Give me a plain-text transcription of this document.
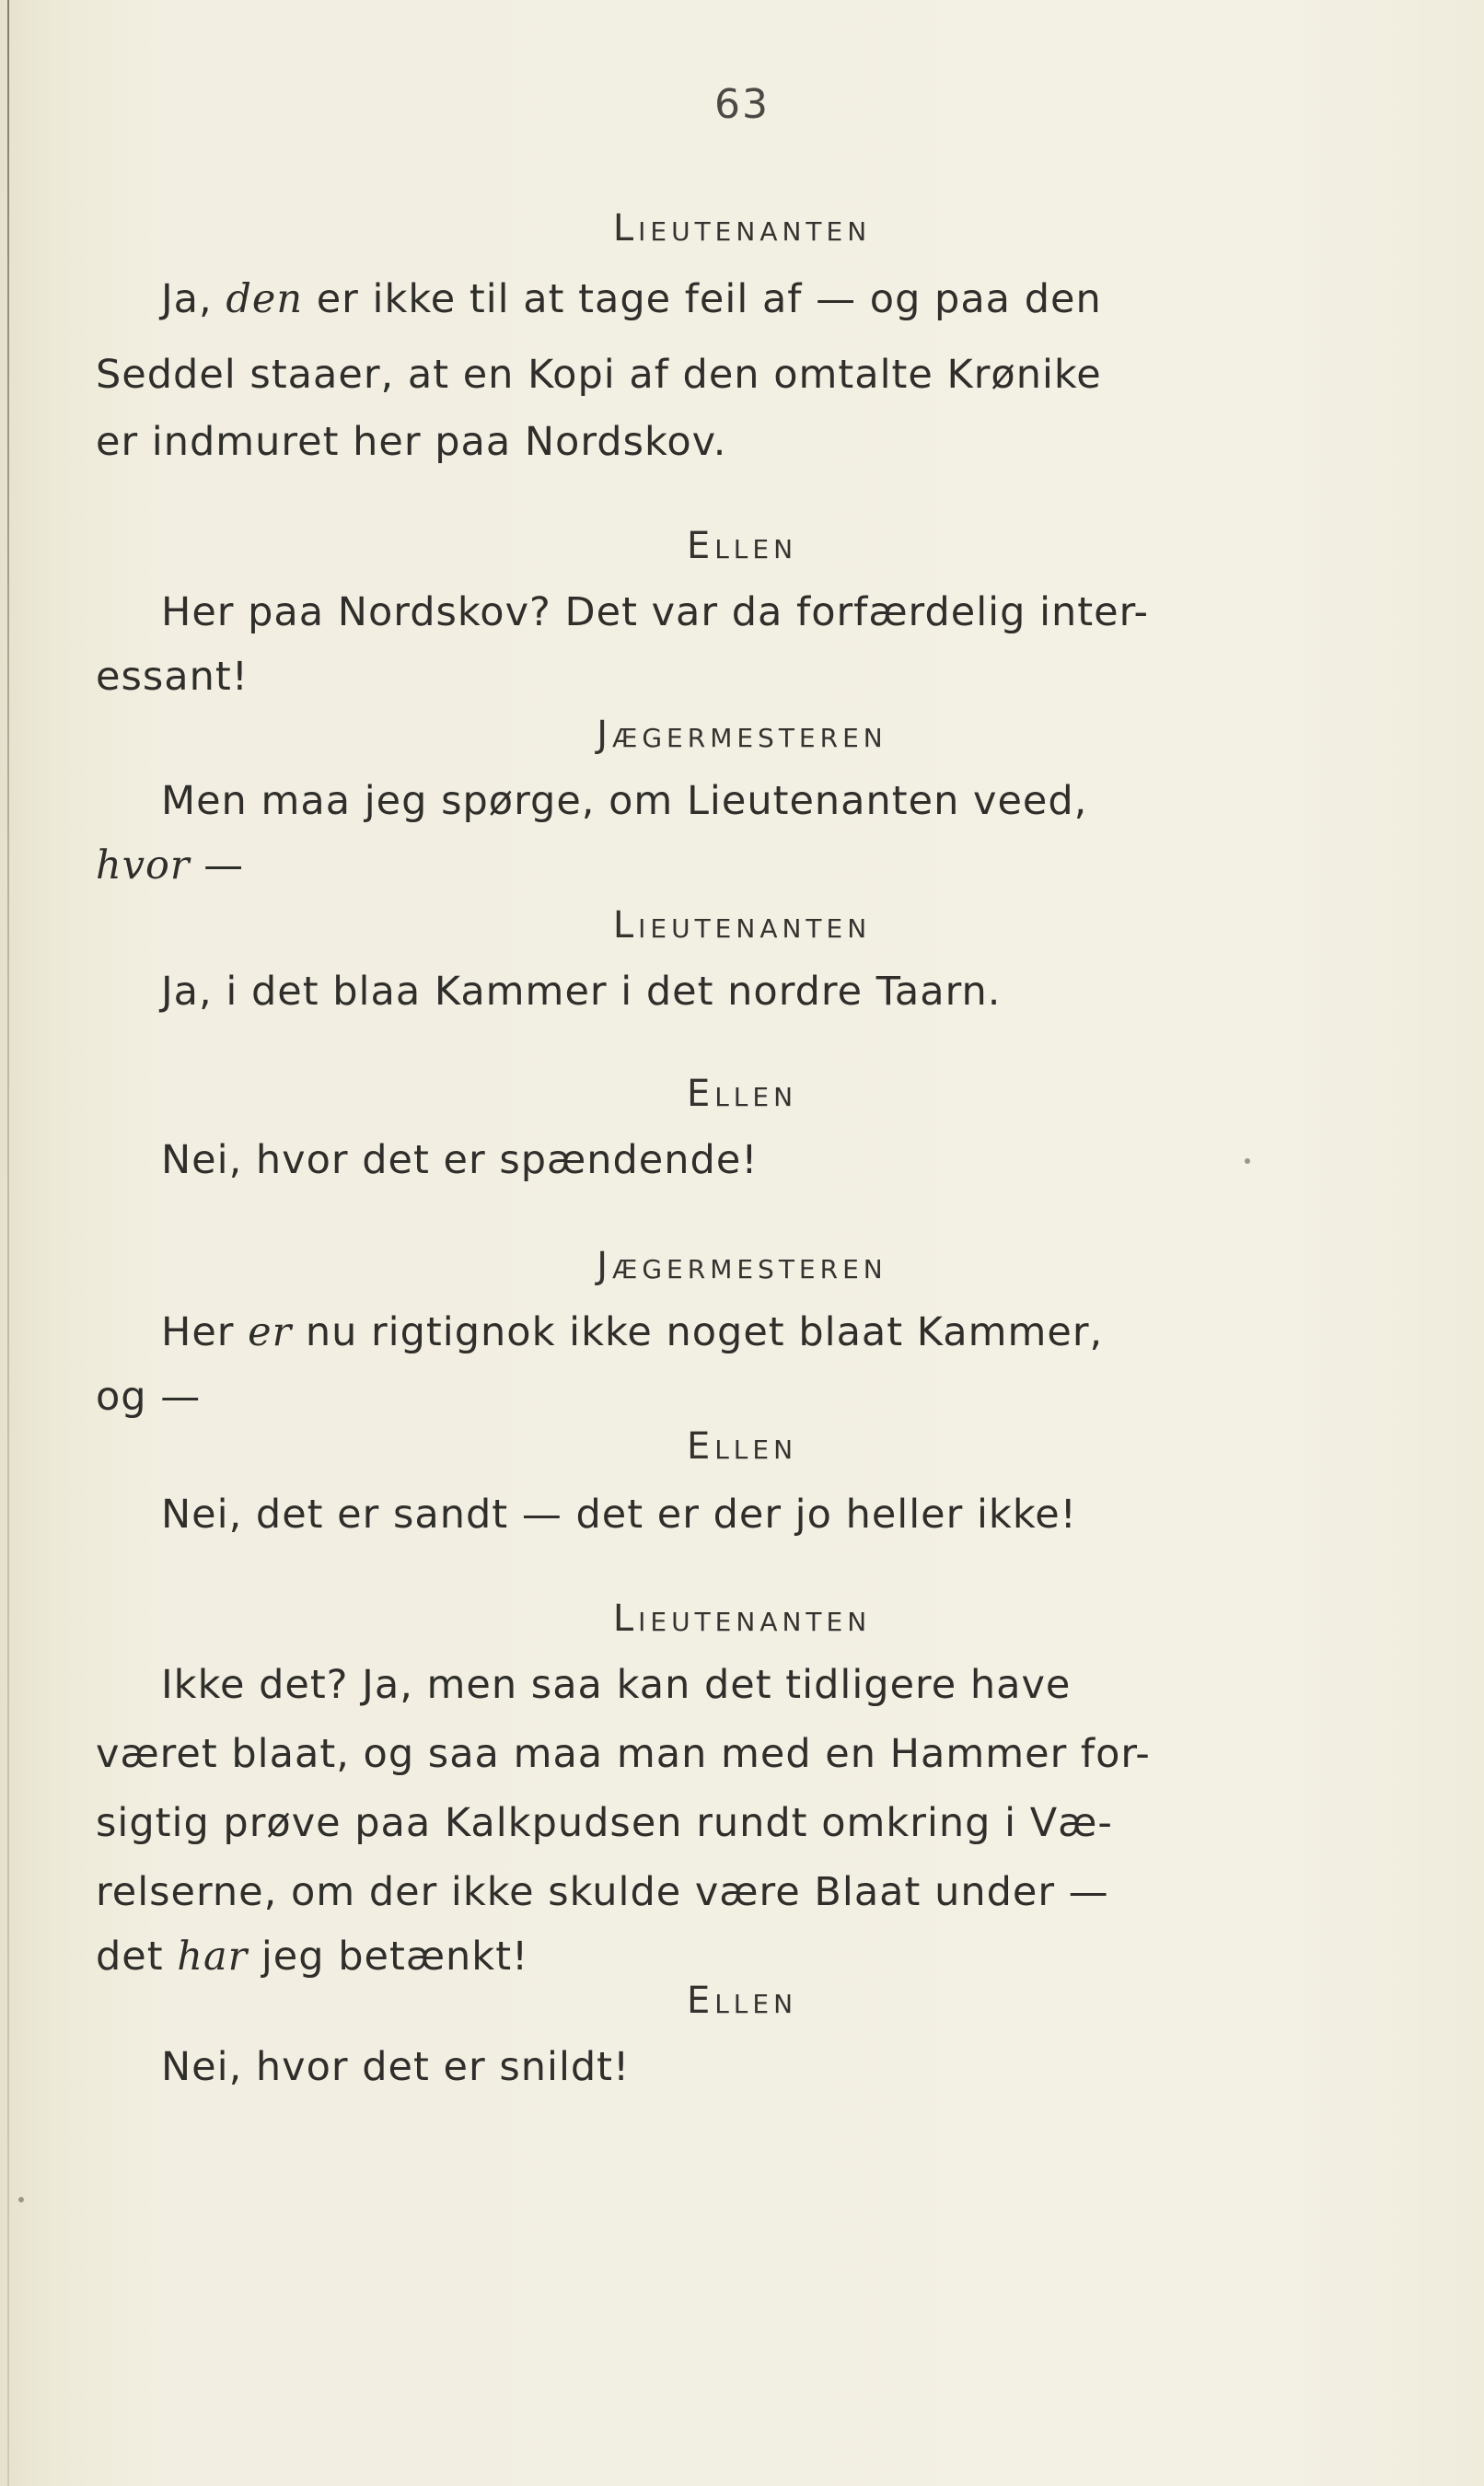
63
Lieutenanten
Ja, den er ikke til at tage feil af — og paa den
Seddel staaer, at en Kopi af den omtalte Krønike
er indmuret her paa Nordskov.
Ellen
Her paa Nordskov? Det var da forfærdelig inter-
essant!
Jægermesteren
Men maa jeg spørge, om Lieutenanten veed,
hvor —
Lieutenanten
Ja, i det blaa Kammer i det nordre Taarn.
Ellen
Nei, hvor det er spændende!
Jægermesteren
Her er nu rigtignok ikke noget blaat Kammer,
og —
Ellen
Nei, det er sandt — det er der jo heller ikke!
Lieutenanten
Ikke det? Ja, men saa kan det tidligere have
været blaat, og saa maa man med en Hammer for-
sigtig prøve paa Kalkpudsen rundt omkring i Væ-
relserne, om der ikke skulde være Blaat under —
det har jeg betænkt!
Ellen
Nei, hvor det er snildt!
